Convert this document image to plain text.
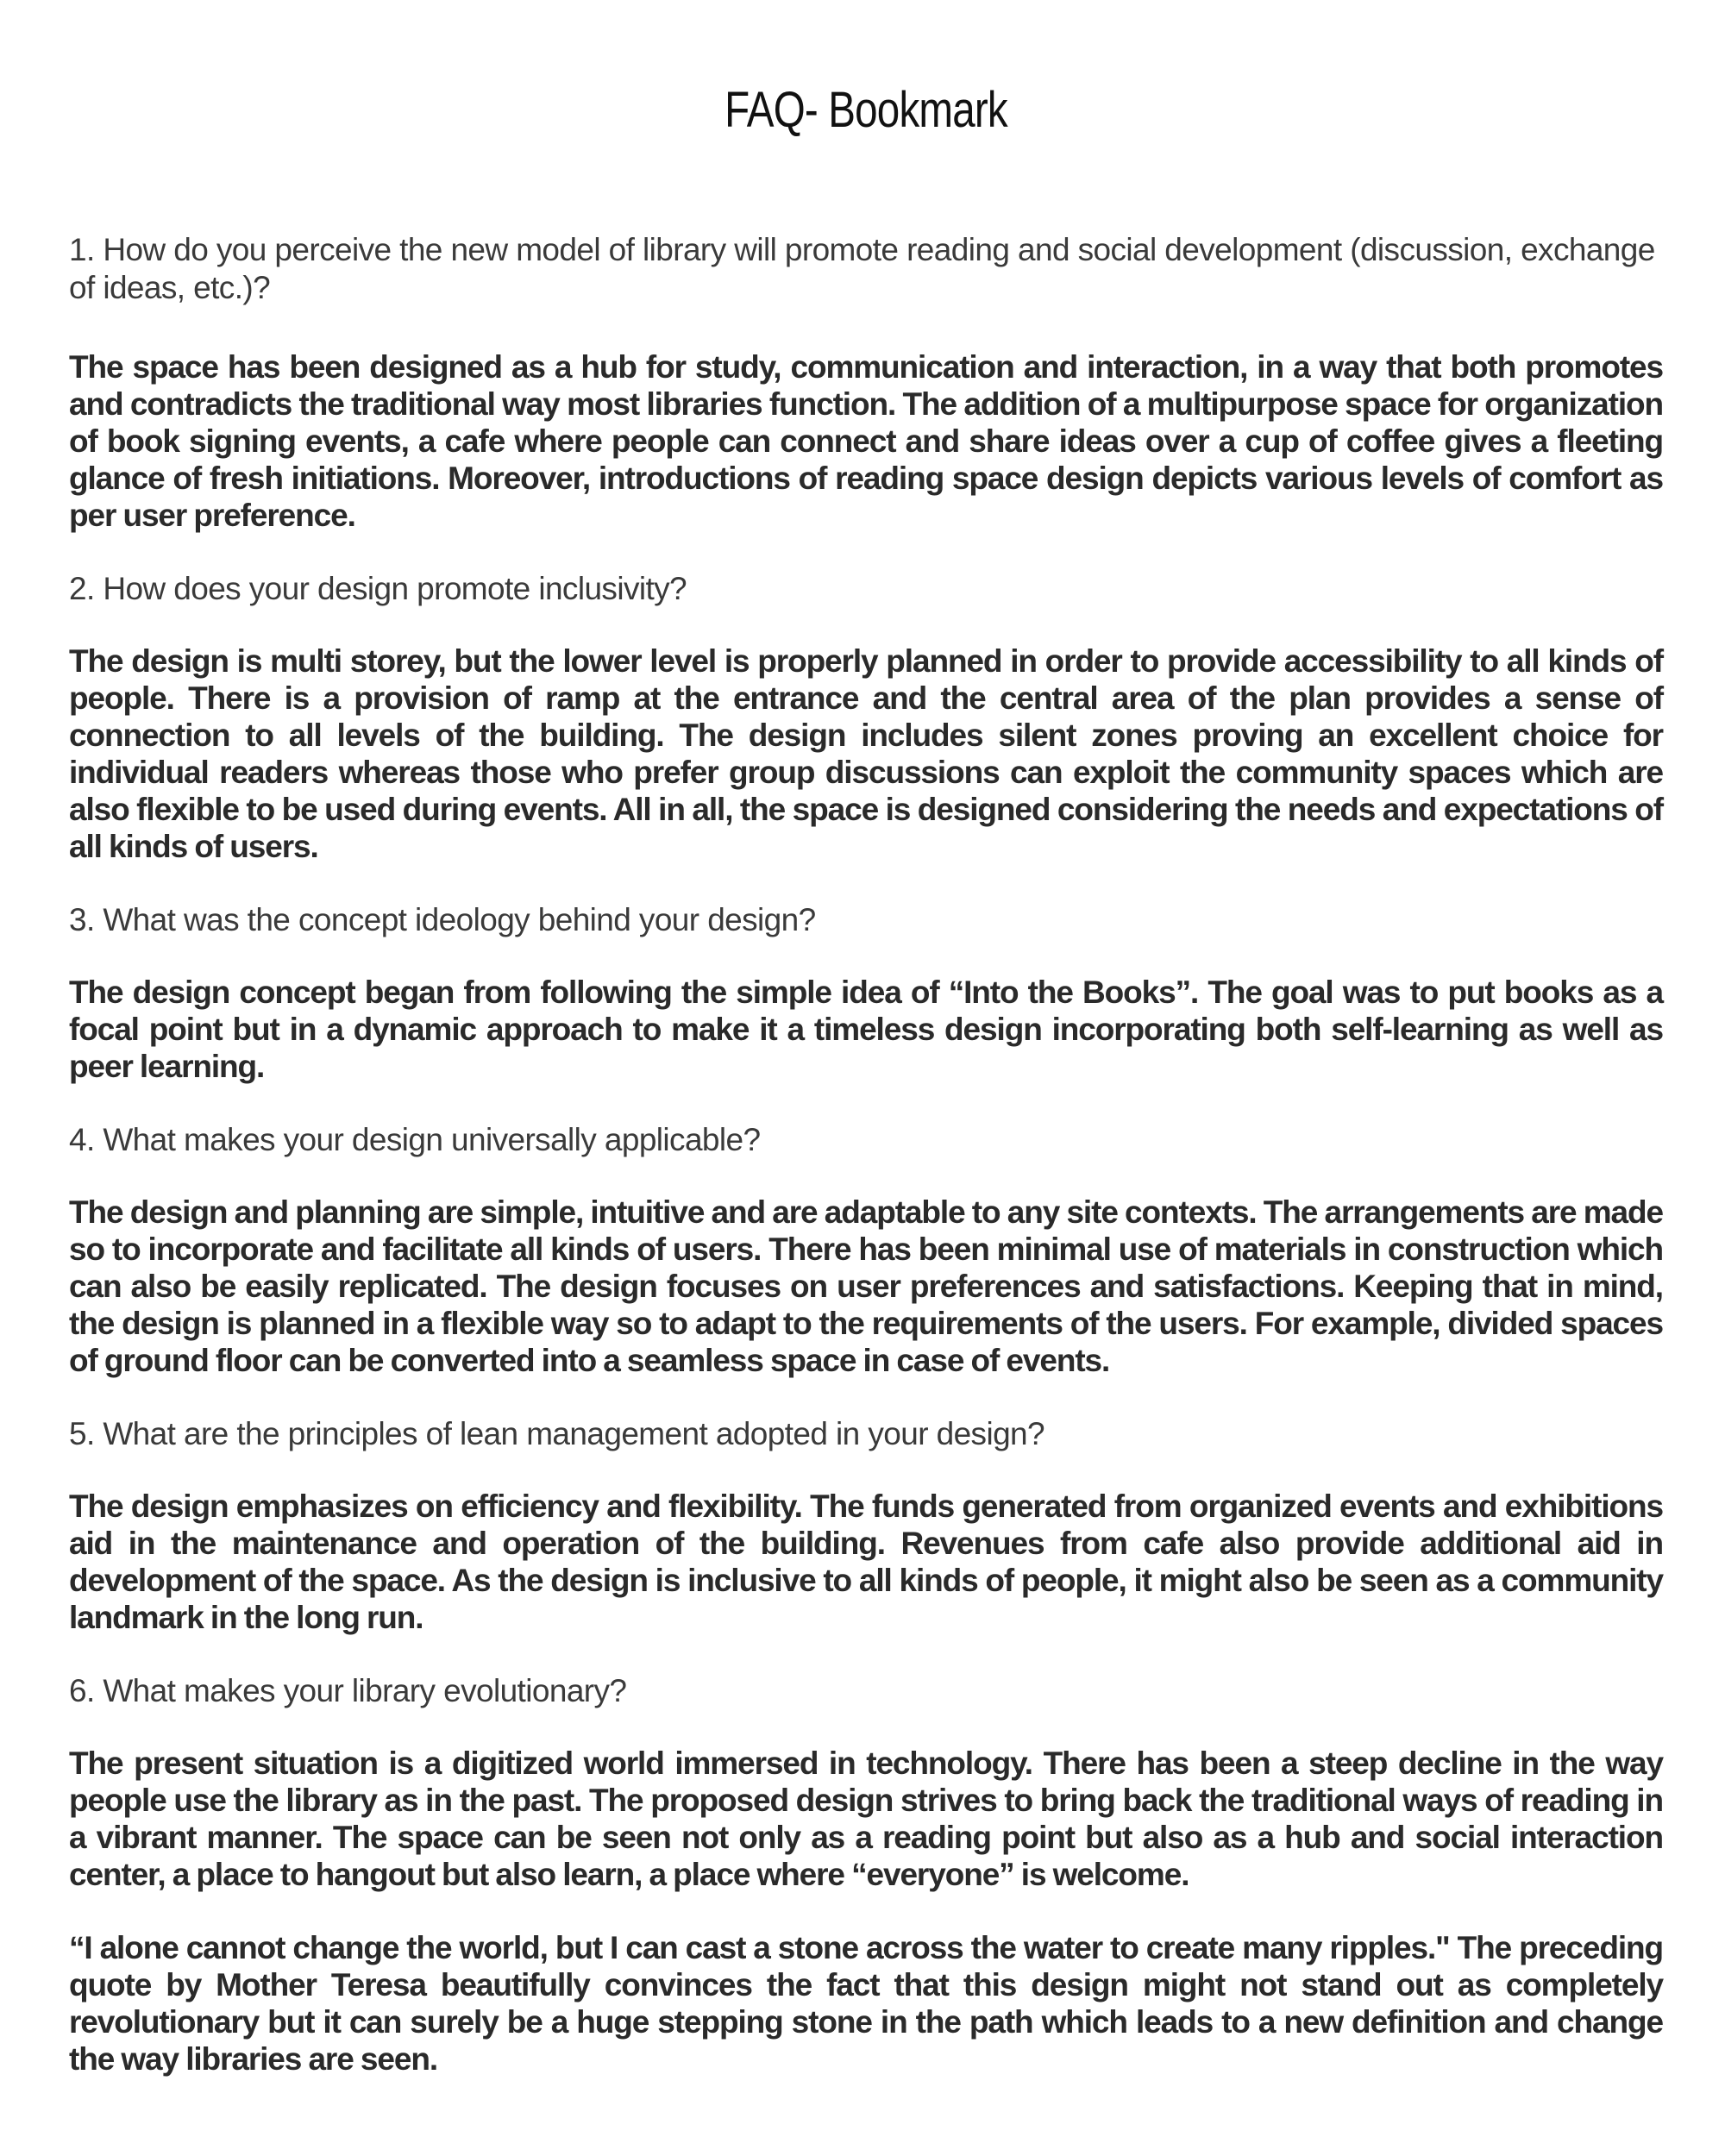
FAQ- Bookmark

1. How do you perceive the new model of library will promote reading and social development (discussion, exchange of ideas, etc.)?

The space has been designed as a hub for study, communication and interaction, in a way that both promotes and contradicts the traditional way most libraries function. The addition of a multipurpose space for organization of book signing events, a cafe where people can connect and share ideas over a cup of coffee gives a fleeting glance of fresh initiations. Moreover, introductions of reading space design depicts various levels of comfort as per user preference.

2. How does your design promote inclusivity?

The design is multi storey, but the lower level is properly planned in order to provide accessibility to all kinds of people. There is a provision of ramp at the entrance and the central area of the plan provides a sense of connection to all levels of the building. The design includes silent zones proving an excellent choice for individual readers whereas those who prefer group discussions can exploit the community spaces which are also flexible to be used during events. All in all, the space is designed considering the needs and expectations of all kinds of users.

3. What was the concept ideology behind your design?

The design concept began from following the simple idea of “Into the Books”. The goal was to put books as a focal point but in a dynamic approach to make it a timeless design incorporating both self-learning as well as peer learning.

4. What makes your design universally applicable?

The design and planning are simple, intuitive and are adaptable to any site contexts. The arrangements are made so to incorporate and facilitate all kinds of users. There has been minimal use of materials in construction which can also be easily replicated. The design focuses on user preferences and satisfactions. Keeping that in mind, the design is planned in a flexible way so to adapt to the requirements of the users. For example, divided spaces of ground floor can be converted into a seamless space in case of events.

5. What are the principles of lean management adopted in your design?

The design emphasizes on efficiency and flexibility. The funds generated from organized events and exhibitions aid in the maintenance and operation of the building. Revenues from cafe also provide additional aid in development of the space. As the design is inclusive to all kinds of people, it might also be seen as a community landmark in the long run.

6. What makes your library evolutionary?

The present situation is a digitized world immersed in technology. There has been a steep decline in the way people use the library as in the past. The proposed design strives to bring back the traditional ways of reading in a vibrant manner. The space can be seen not only as a reading point but also as a hub and social interaction center, a place to hangout but also learn, a place where “everyone” is welcome.

“I alone cannot change the world, but I can cast a stone across the water to create many ripples." The preceding quote by Mother Teresa beautifully convinces the fact that this design might not stand out as completely revolutionary but it can surely be a huge stepping stone in the path which leads to a new definition and change the way libraries are seen.
